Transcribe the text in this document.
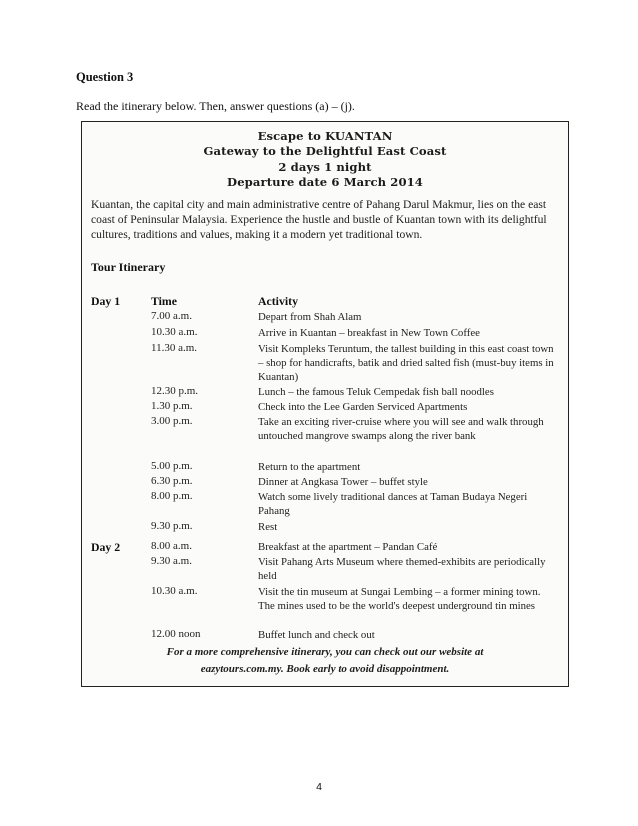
Question 3
Read the itinerary below. Then, answer questions (a) – (j).
Escape to KUANTAN
Gateway to the Delightful East Coast
2 days 1 night
Departure date 6 March 2014
Kuantan, the capital city and main administrative centre of Pahang Darul Makmur, lies on the east coast of Peninsular Malaysia. Experience the hustle and bustle of Kuantan town with its delightful cultures, traditions and values, making it a modern yet traditional town.
Tour Itinerary
Day 1	Time	Activity
7.00 a.m.	Depart from Shah Alam
10.30 a.m.	Arrive in Kuantan – breakfast in New Town Coffee
11.30 a.m.	Visit Kompleks Teruntum, the tallest building in this east coast town – shop for handicrafts, batik and dried salted fish (must-buy items in Kuantan)
12.30 p.m.	Lunch – the famous Teluk Cempedak fish ball noodles
1.30 p.m.	Check into the Lee Garden Serviced Apartments
3.00 p.m.	Take an exciting river-cruise where you will see and walk through untouched mangrove swamps along the river bank
5.00 p.m.	Return to the apartment
6.30 p.m.	Dinner at Angkasa Tower – buffet style
8.00 p.m.	Watch some lively traditional dances at Taman Budaya Negeri Pahang
9.30 p.m.	Rest
Day 2	8.00 a.m.	Breakfast at the apartment – Pandan Café
9.30 a.m.	Visit Pahang Arts Museum where themed-exhibits are periodically held
10.30 a.m.	Visit the tin museum at Sungai Lembing – a former mining town. The mines used to be the world's deepest underground tin mines
12.00 noon	Buffet lunch and check out
For a more comprehensive itinerary, you can check out our website at eazytours.com.my. Book early to avoid disappointment.
4
